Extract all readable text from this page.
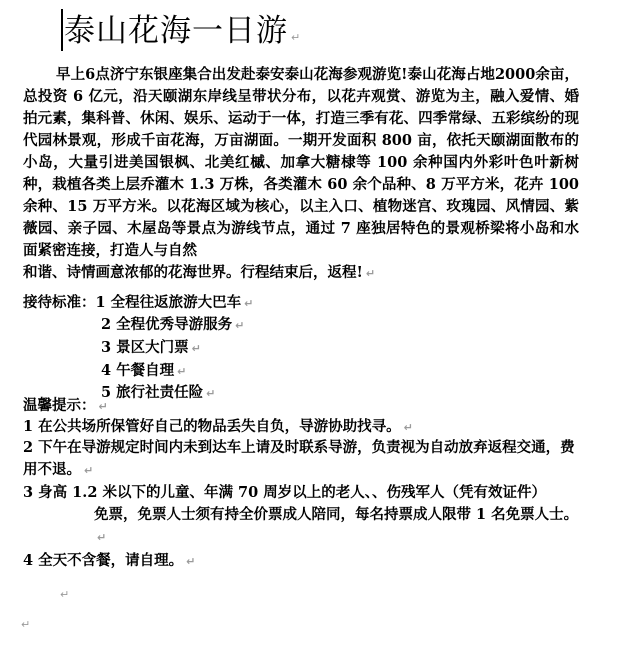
泰山花海一日游 ↵
早上6点济宁东银座集合出发赴泰安泰山花海参观游览!泰山花海占地2000余亩，总投资 6 亿元，沿天颐湖东岸线呈带状分布，以花卉观赏、游览为主，融入爱情、婚拍元素，集科普、休闲、娱乐、运动于一体，打造三季有花、四季常绿、五彩缤纷的现代园林景观，形成千亩花海，万亩湖面。一期开发面积 800 亩，依托天颐湖面散布的小岛，大量引进美国银枫、北美红槭、加拿大糖棣等 100 余种国内外彩叶色叶新树种，栽植各类上层乔灌木 1.3 万株，各类灌木 60 余个品种、8 万平方米，花卉 100 余种、15 万平方米。以花海区域为核心，以主入口、植物迷宫、玫瑰园、风情园、紫薇园、亲子园、木屋岛等景点为游线节点，通过 7 座独居特色的景观桥梁将小岛和水面紧密连接，打造人与自然
和谐、诗情画意浓郁的花海世界。行程结束后，返程! ↵
接待标准：1 全程往返旅游大巴车 ↵
2 全程优秀导游服务 ↵
3 景区大门票 ↵
4 午餐自理 ↵
5 旅行社责任险 ↵
温馨提示： ↵
1 在公共场所保管好自己的物品丢失自负，导游协助找寻。 ↵
2 下午在导游规定时间内未到达车上请及时联系导游，负责视为自动放弃返程交通，费用不退。 ↵
3 身高 1.2 米以下的儿童、年满 70 周岁以上的老人、、伤残军人（凭有效证件）
免票，免票人士须有持全价票成人陪同，每名持票成人限带 1 名免票人士。↵
4 全天不含餐，请自理。 ↵
↵
↵
